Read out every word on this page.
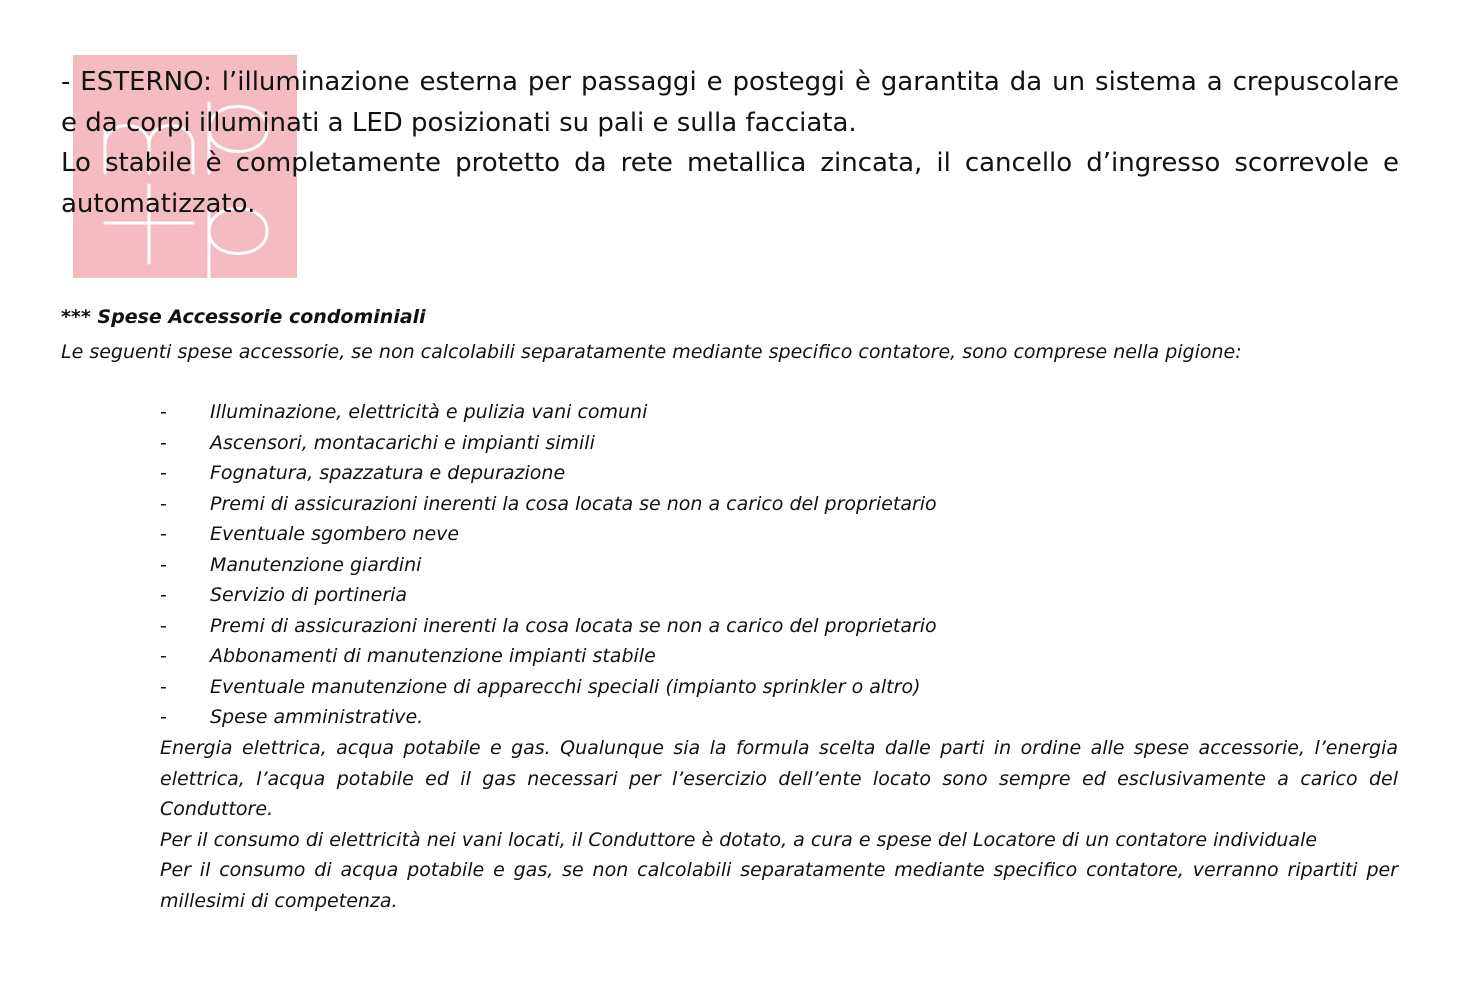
- ESTERNO: l’illuminazione esterna per passaggi e posteggi è garantita da un sistema a crepuscolare e da corpi illuminati a LED posizionati su pali e sulla facciata.

Lo stabile è completamente protetto da rete metallica zincata, il cancello d’ingresso scorrevole e automatizzato.

*** Spese Accessorie condominiali

Le seguenti spese accessorie, se non calcolabili separatamente mediante specifico contatore, sono comprese nella pigione:

- Illuminazione, elettricità e pulizia vani comuni
- Ascensori, montacarichi e impianti simili
- Fognatura, spazzatura e depurazione
- Premi di assicurazioni inerenti la cosa locata se non a carico del proprietario
- Eventuale sgombero neve
- Manutenzione giardini
- Servizio di portineria
- Premi di assicurazioni inerenti la cosa locata se non a carico del proprietario
- Abbonamenti di manutenzione impianti stabile
- Eventuale manutenzione di apparecchi speciali (impianto sprinkler o altro)
- Spese amministrative.

Energia elettrica, acqua potabile e gas. Qualunque sia la formula scelta dalle parti in ordine alle spese accessorie, l’energia elettrica, l’acqua potabile ed il gas necessari per l’esercizio dell’ente locato sono sempre ed esclusivamente a carico del Conduttore.

Per il consumo di elettricità nei vani locati, il Conduttore è dotato, a cura e spese del Locatore di un contatore individuale

Per il consumo di acqua potabile e gas, se non calcolabili separatamente mediante specifico contatore, verranno ripartiti per millesimi di competenza.
